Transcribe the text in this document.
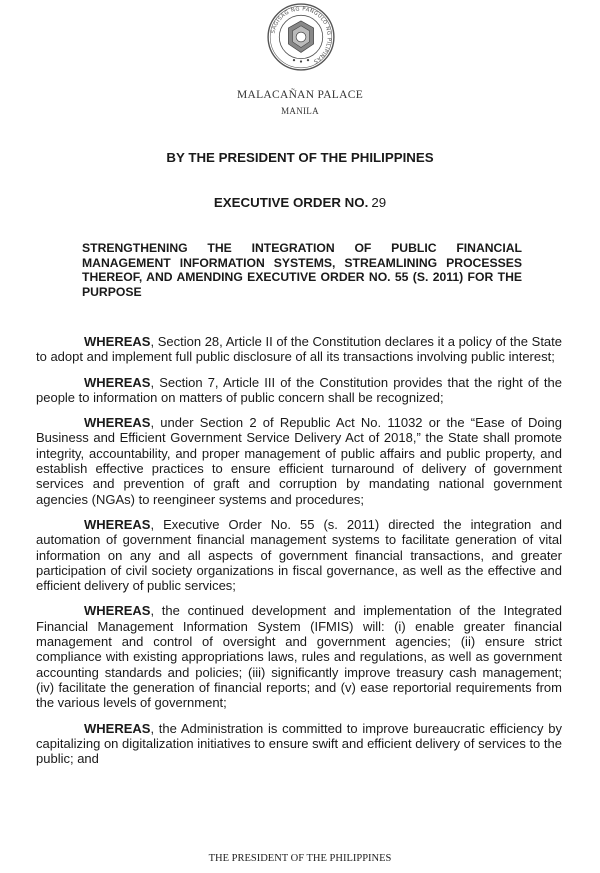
SAGISAG NG PANGULO NG PILIPINAS
MALACAÑAN PALACE
MANILA
BY THE PRESIDENT OF THE PHILIPPINES
EXECUTIVE ORDER NO. 29

STRENGTHENING THE INTEGRATION OF PUBLIC FINANCIAL MANAGEMENT INFORMATION SYSTEMS, STREAMLINING PROCESSES THEREOF, AND AMENDING EXECUTIVE ORDER NO. 55 (S. 2011) FOR THE PURPOSE

WHEREAS, Section 28, Article II of the Constitution declares it a policy of the State to adopt and implement full public disclosure of all its transactions involving public interest;

WHEREAS, Section 7, Article III of the Constitution provides that the right of the people to information on matters of public concern shall be recognized;

WHEREAS, under Section 2 of Republic Act No. 11032 or the “Ease of Doing Business and Efficient Government Service Delivery Act of 2018,” the State shall promote integrity, accountability, and proper management of public affairs and public property, and establish effective practices to ensure efficient turnaround of delivery of government services and prevention of graft and corruption by mandating national government agencies (NGAs) to reengineer systems and procedures;

WHEREAS, Executive Order No. 55 (s. 2011) directed the integration and automation of government financial management systems to facilitate generation of vital information on any and all aspects of government financial transactions, and greater participation of civil society organizations in fiscal governance, as well as the effective and efficient delivery of public services;

WHEREAS, the continued development and implementation of the Integrated Financial Management Information System (IFMIS) will: (i) enable greater financial management and control of oversight and government agencies; (ii) ensure strict compliance with existing appropriations laws, rules and regulations, as well as government accounting standards and policies; (iii) significantly improve treasury cash management; (iv) facilitate the generation of financial reports; and (v) ease reportorial requirements from the various levels of government;

WHEREAS, the Administration is committed to improve bureaucratic efficiency by capitalizing on digitalization initiatives to ensure swift and efficient delivery of services to the public; and

THE PRESIDENT OF THE PHILIPPINES
